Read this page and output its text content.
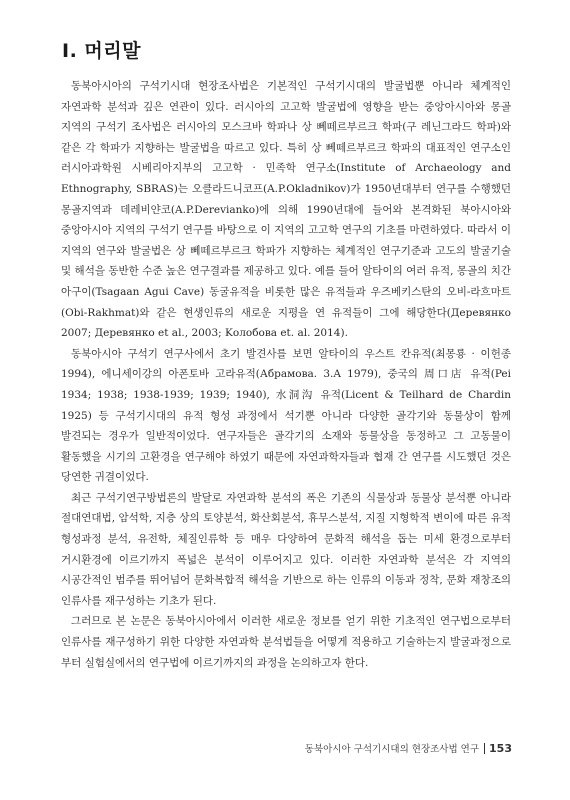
Ⅰ. 머리말

동북아시아의 구석기시대 현장조사법은 기본적인 구석기시대의 발굴법뿐 아니라 체계적인 자연과학 분석과 깊은 연관이 있다. 러시아의 고고학 발굴법에 영향을 받는 중앙아시아와 몽골 지역의 구석기 조사법은 러시아의 모스크바 학파나 상 뻬떼르부르크 학파(구 레닌그라드 학파)와 같은 각 학파가 지향하는 발굴법을 따르고 있다. 특히 상 뻬떼르부르크 학파의 대표적인 연구소인 러시아과학원 시베리아지부의 고고학 · 민족학 연구소(Institute of Archaeology and Ethnography, SBRAS)는 오클라드니코프(A.P.Okladnikov)가 1950년대부터 연구를 수행했던 몽골지역과 데레비얀코(A.P.Derevianko)에 의해 1990년대에 들어와 본격화된 북아시아와 중앙아시아 지역의 구석기 연구를 바탕으로 이 지역의 고고학 연구의 기초를 마련하였다. 따라서 이 지역의 연구와 발굴법은 상 뻬떼르부르크 학파가 지향하는 체계적인 연구기준과 고도의 발굴기술 및 해석을 동반한 수준 높은 연구결과를 제공하고 있다. 예를 들어 알타이의 여러 유적, 몽골의 치간 아구이(Tsagaan Agui Cave) 동굴유적을 비롯한 많은 유적들과 우즈베키스탄의 오비-라흐마트(Obi-Rakhmat)와 같은 현생인류의 새로운 지평을 연 유적들이 그에 해당한다(Деревянко 2007; Деревянко et al., 2003; Kолобова et. al. 2014).

동북아시아 구석기 연구사에서 초기 발견사를 보면 알타이의 우스트 칸유적(최몽룡 · 이헌종 1994), 에니세이강의 아폰토바 고라유적(Абрамова. 3.A 1979), 중국의 周口店 유적(Pei 1934; 1938; 1938-1939; 1939; 1940), 水洞沟 유적(Licent & Teilhard de Chardin 1925) 등 구석기시대의 유적 형성 과정에서 석기뿐 아니라 다양한 골각기와 동물상이 함께 발견되는 경우가 일반적이었다. 연구자들은 골각기의 소재와 동물상을 동정하고 그 고동물이 활동했을 시기의 고환경을 연구해야 하였기 때문에 자연과학자들과 협재 간 연구를 시도했던 것은 당연한 귀결이었다.

최근 구석기연구방법론의 발달로 자연과학 분석의 폭은 기존의 식물상과 동물상 분석뿐 아니라 절대연대법, 암석학, 지층 상의 토양분석, 화산회분석, 휴무스분석, 지질 지형학적 변이에 따른 유적 형성과정 분석, 유전학, 체질인류학 등 매우 다양하여 문화적 해석을 돕는 미세 환경으로부터 거시환경에 이르기까지 폭넓은 분석이 이루어지고 있다. 이러한 자연과학 분석은 각 지역의 시공간적인 범주를 뛰어넘어 문화복합적 해석을 기반으로 하는 인류의 이동과 정착, 문화 재창조의 인류사를 재구성하는 기초가 된다.

그러므로 본 논문은 동북아시아에서 이러한 새로운 정보를 얻기 위한 기초적인 연구법으로부터 인류사를 재구성하기 위한 다양한 자연과학 분석법들을 어떻게 적용하고 기술하는지 발굴과정으로 부터 실험실에서의 연구법에 이르기까지의 과정을 논의하고자 한다.

동북아시아 구석기시대의 현장조사법 연구 153
